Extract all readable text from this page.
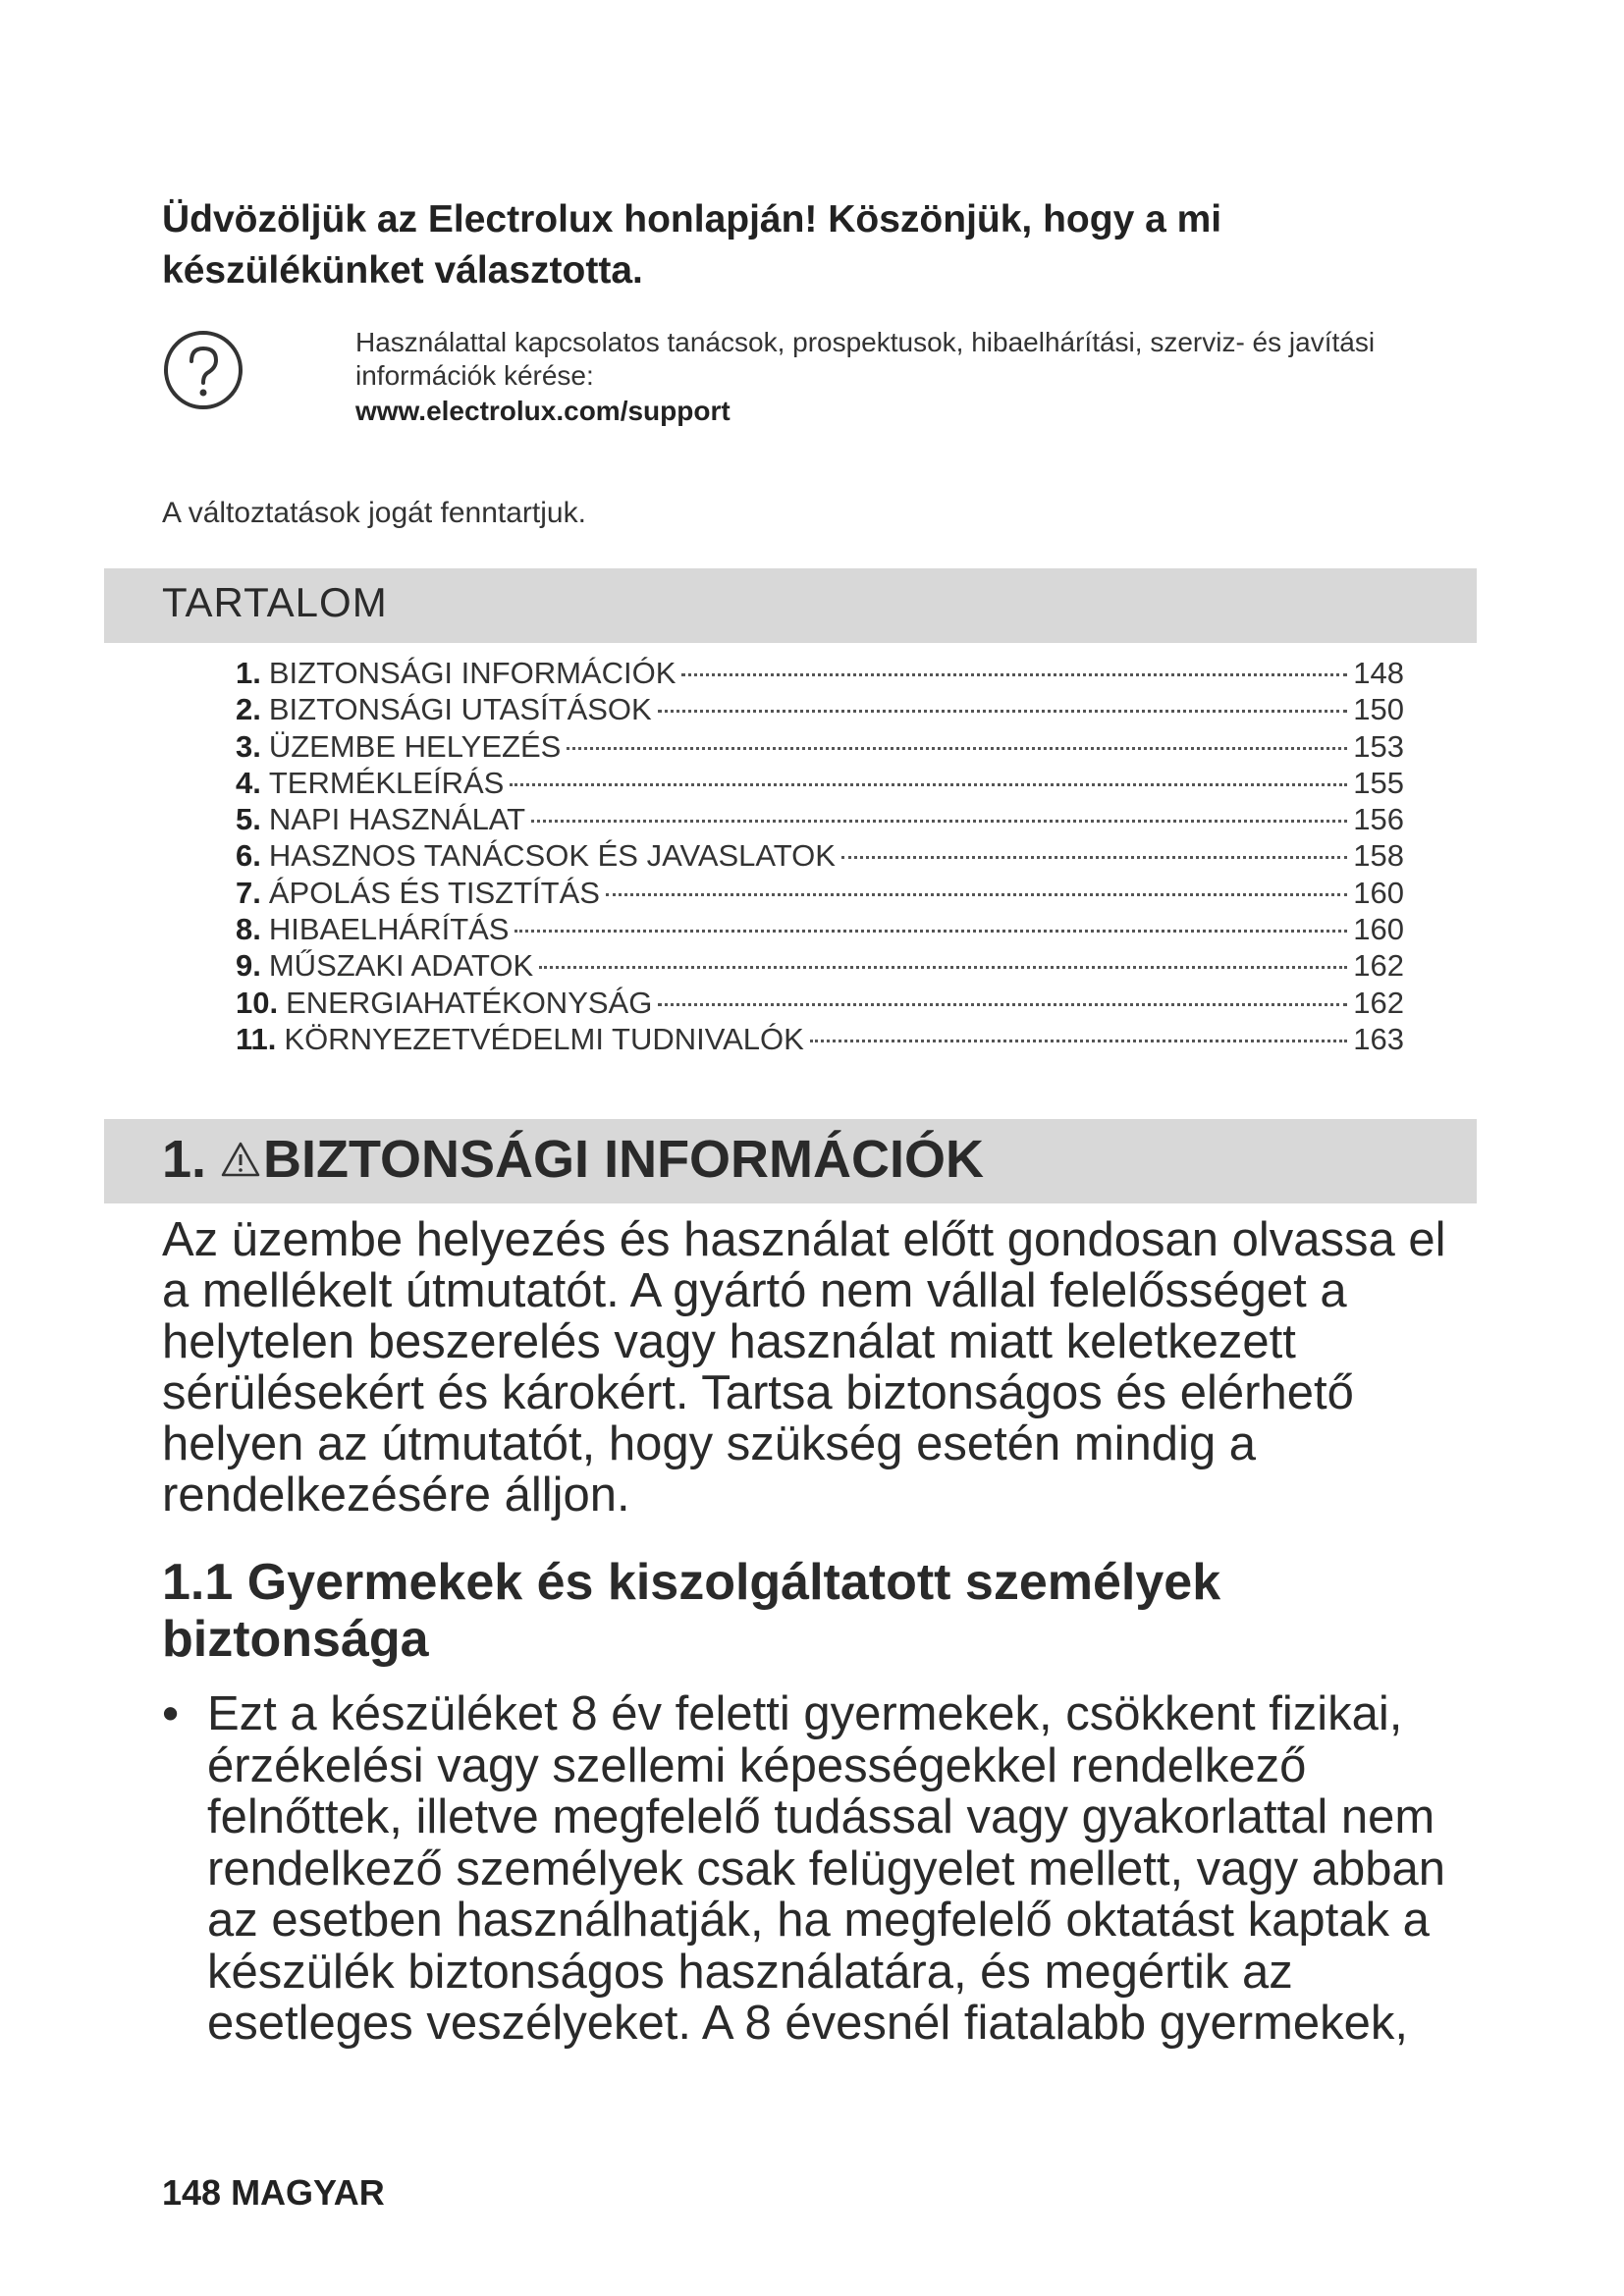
Üdvözöljük az Electrolux honlapján! Köszönjük, hogy a mi készülékünket választotta.

Használattal kapcsolatos tanácsok, prospektusok, hibaelhárítási, szerviz- és javítási információk kérése:
www.electrolux.com/support
A változtatások jogát fenntartjuk.
TARTALOM
1. BIZTONSÁGI INFORMÁCIÓK	148
2. BIZTONSÁGI UTASÍTÁSOK	150
3. ÜZEMBE HELYEZÉS	153
4. TERMÉKLEÍRÁS	155
5. NAPI HASZNÁLAT	156
6. HASZNOS TANÁCSOK ÉS JAVASLATOK	158
7. ÁPOLÁS ÉS TISZTÍTÁS	160
8. HIBAELHÁRÍTÁS	160
9. MŰSZAKI ADATOK	162
10. ENERGIAHATÉKONYSÁG	162
11. KÖRNYEZETVÉDELMI TUDNIVALÓK	163
1. BIZTONSÁGI INFORMÁCIÓK

Az üzembe helyezés és használat előtt gondosan olvassa el a mellékelt útmutatót. A gyártó nem vállal felelősséget a helytelen beszerelés vagy használat miatt keletkezett sérülésekért és károkért. Tartsa biztonságos és elérhető helyen az útmutatót, hogy szükség esetén mindig a rendelkezésére álljon.

1.1 Gyermekek és kiszolgáltatott személyek biztonsága

• Ezt a készüléket 8 év feletti gyermekek, csökkent fizikai, érzékelési vagy szellemi képességekkel rendelkező felnőttek, illetve megfelelő tudással vagy gyakorlattal nem rendelkező személyek csak felügyelet mellett, vagy abban az esetben használhatják, ha megfelelő oktatást kaptak a készülék biztonságos használatára, és megértik az esetleges veszélyeket. A 8 évesnél fiatalabb gyermekek,

148 MAGYAR
